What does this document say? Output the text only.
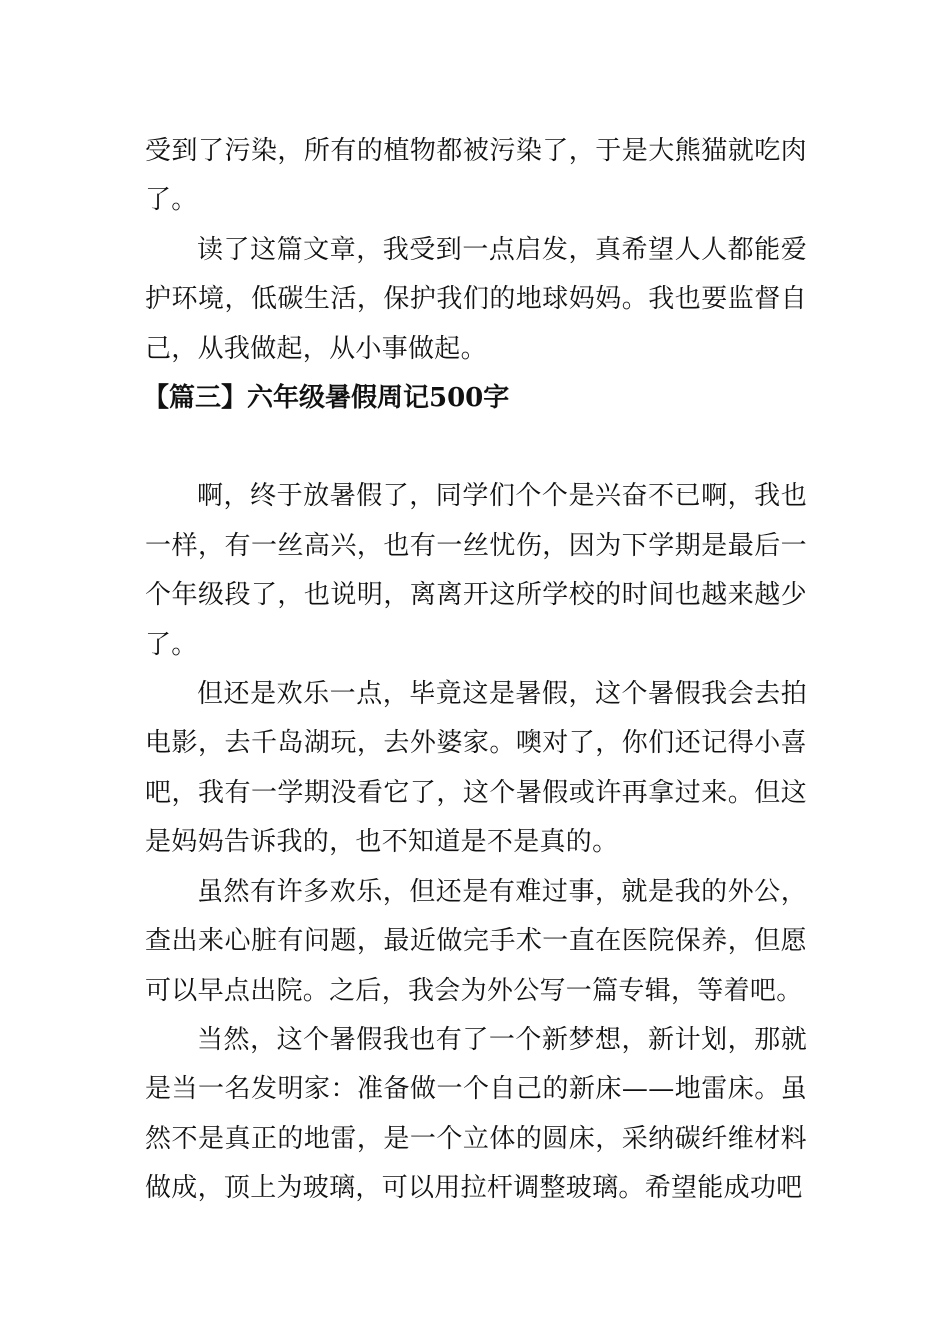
受到了污染，所有的植物都被污染了，于是大熊猫就吃肉了。

读了这篇文章，我受到一点启发，真希望人人都能爱护环境，低碳生活，保护我们的地球妈妈。我也要监督自己，从我做起，从小事做起。

【篇三】六年级暑假周记500字

啊，终于放暑假了，同学们个个是兴奋不已啊，我也一样，有一丝高兴，也有一丝忧伤，因为下学期是最后一个年级段了，也说明，离离开这所学校的时间也越来越少了。

但还是欢乐一点，毕竟这是暑假，这个暑假我会去拍电影，去千岛湖玩，去外婆家。噢对了，你们还记得小喜吧，我有一学期没看它了，这个暑假或许再拿过来。但这是妈妈告诉我的，也不知道是不是真的。

虽然有许多欢乐，但还是有难过事，就是我的外公，查出来心脏有问题，最近做完手术一直在医院保养，但愿可以早点出院。之后，我会为外公写一篇专辑，等着吧。

当然，这个暑假我也有了一个新梦想，新计划，那就是当一名发明家：准备做一个自己的新床——地雷床。虽然不是真正的地雷，是一个立体的圆床，采纳碳纤维材料做成，顶上为玻璃，可以用拉杆调整玻璃。希望能成功吧
